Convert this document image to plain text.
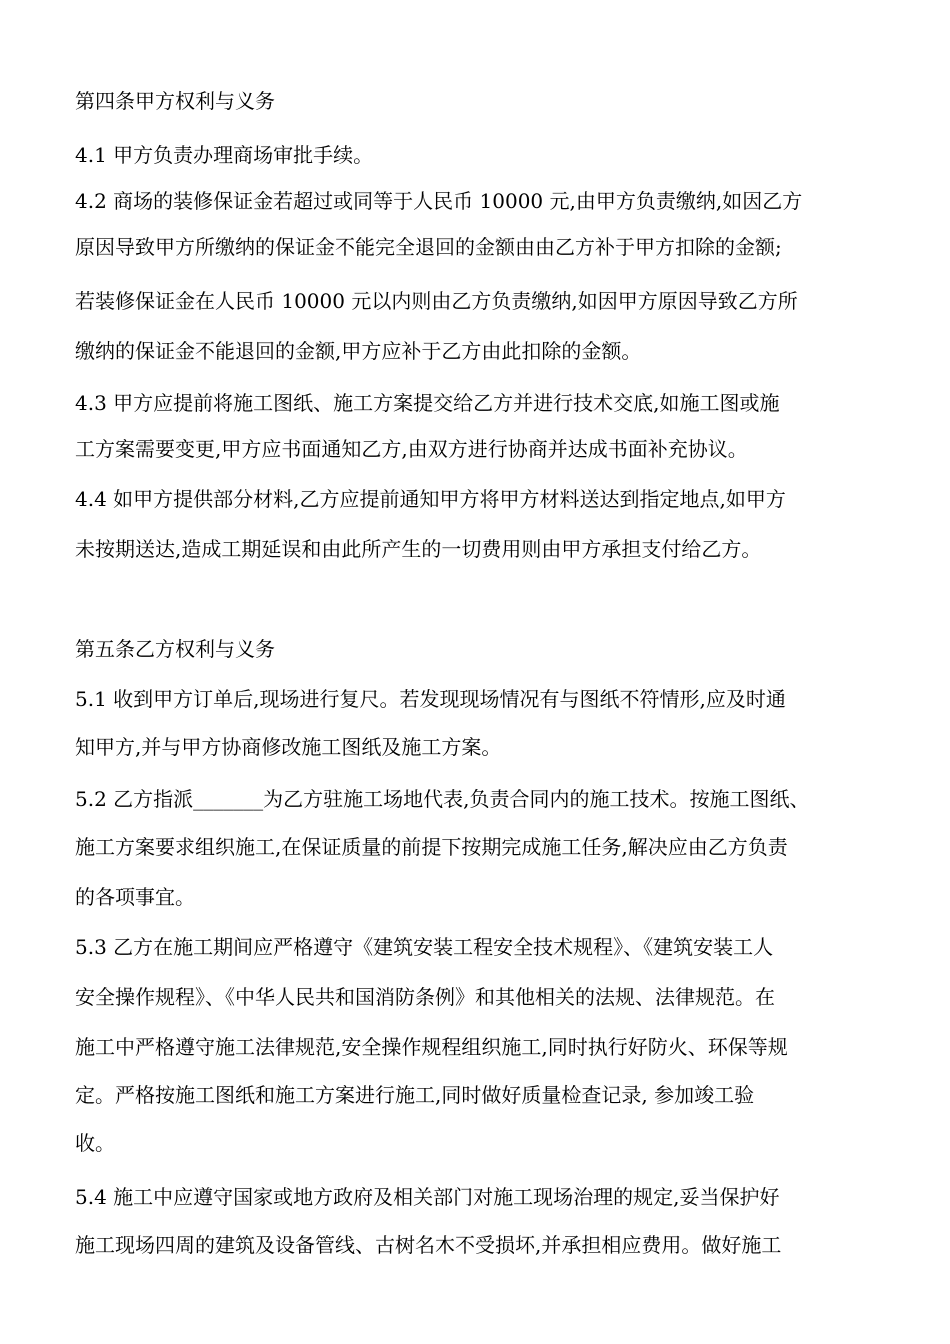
第四条甲方权利与义务
4.1 甲方负责办理商场审批手续。
4.2 商场的装修保证金若超过或同等于人民币 10000 元,由甲方负责缴纳,如因乙方
原因导致甲方所缴纳的保证金不能完全退回的金额由由乙方补于甲方扣除的金额;
若装修保证金在人民币 10000 元以内则由乙方负责缴纳,如因甲方原因导致乙方所
缴纳的保证金不能退回的金额,甲方应补于乙方由此扣除的金额。
4.3 甲方应提前将施工图纸、施工方案提交给乙方并进行技术交底,如施工图或施
工方案需要变更,甲方应书面通知乙方,由双方进行协商并达成书面补充协议。
4.4 如甲方提供部分材料,乙方应提前通知甲方将甲方材料送达到指定地点,如甲方
未按期送达,造成工期延误和由此所产生的一切费用则由甲方承担支付给乙方。
第五条乙方权利与义务
5.1 收到甲方订单后,现场进行复尺。若发现现场情况有与图纸不符情形,应及时通
知甲方,并与甲方协商修改施工图纸及施工方案。
5.2 乙方指派_______为乙方驻施工场地代表,负责合同内的施工技术。按施工图纸、
施工方案要求组织施工,在保证质量的前提下按期完成施工任务,解决应由乙方负责
的各项事宜。
5.3 乙方在施工期间应严格遵守《建筑安装工程安全技术规程》、《建筑安装工人
安全操作规程》、《中华人民共和国消防条例》和其他相关的法规、法律规范。在
施工中严格遵守施工法律规范,安全操作规程组织施工,同时执行好防火、环保等规
定。严格按施工图纸和施工方案进行施工,同时做好质量检查记录, 参加竣工验
收。
5.4 施工中应遵守国家或地方政府及相关部门对施工现场治理的规定,妥当保护好
施工现场四周的建筑及设备管线、古树名木不受损坏,并承担相应费用。做好施工
